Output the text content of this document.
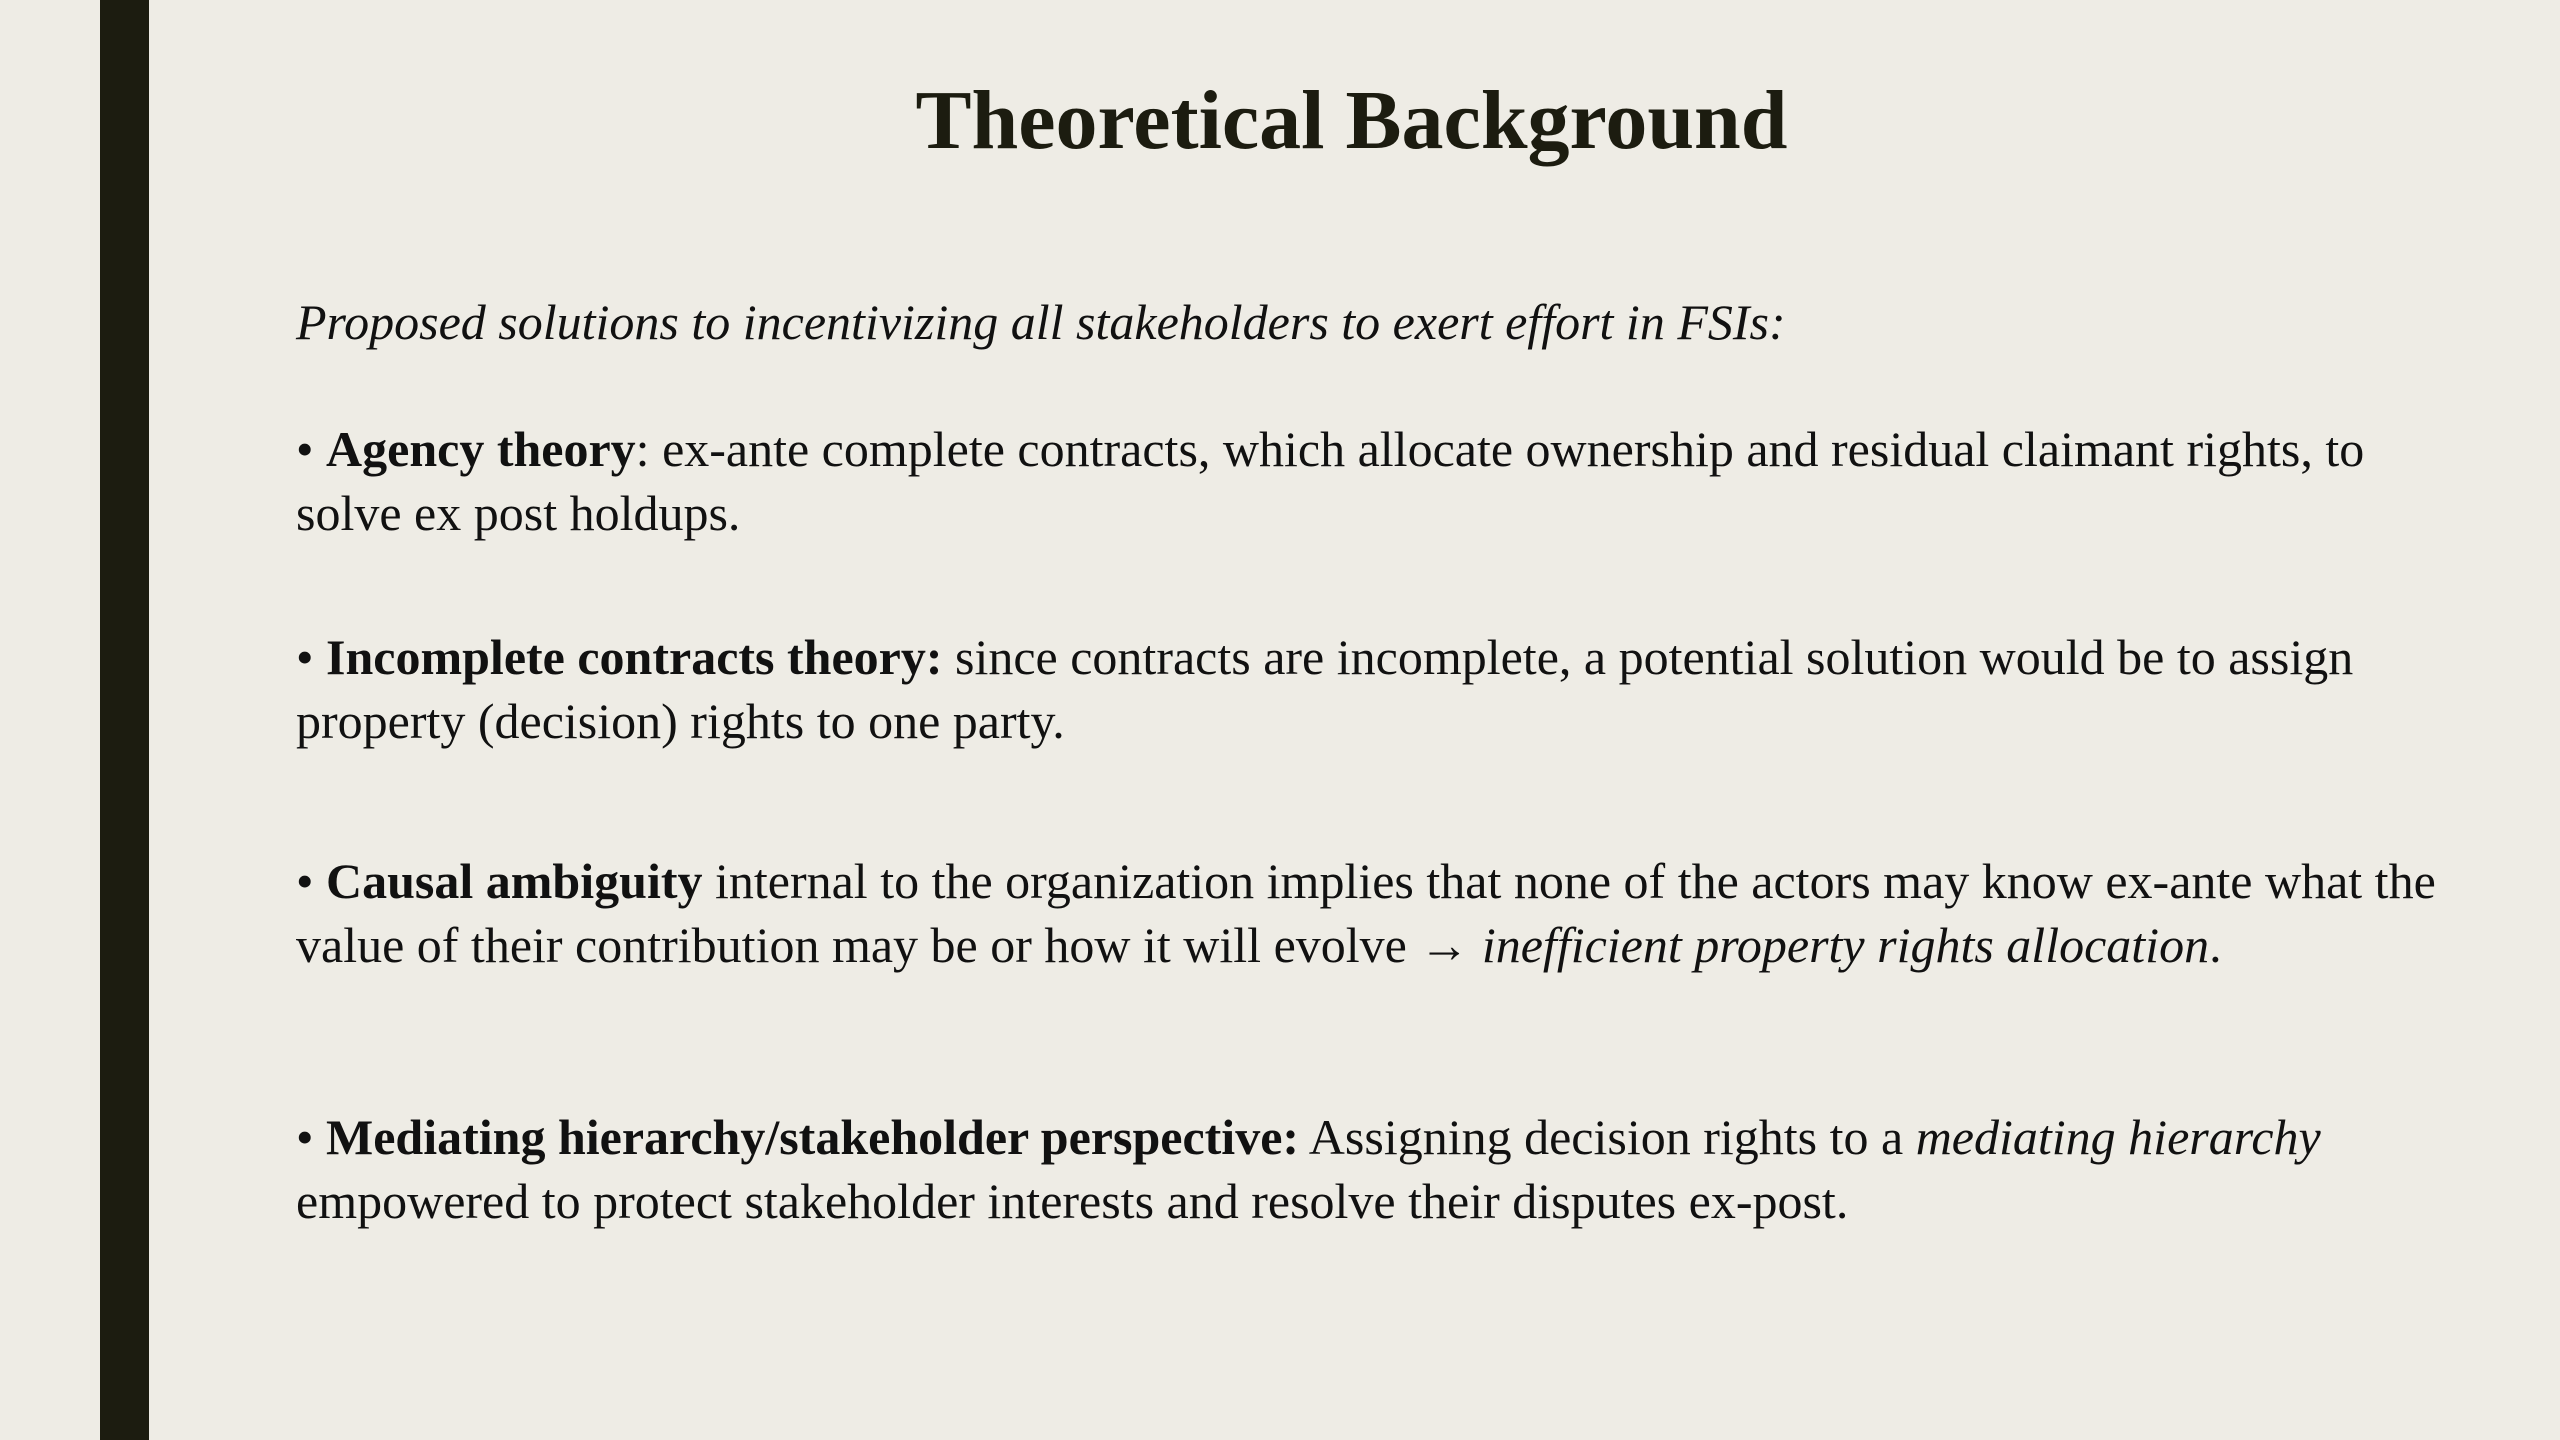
Theoretical Background

Proposed solutions to incentivizing all stakeholders to exert effort in FSIs:

• Agency theory: ex-ante complete contracts, which allocate ownership and residual claimant rights, to solve ex post holdups.

• Incomplete contracts theory: since contracts are incomplete, a potential solution would be to assign property (decision) rights to one party.

• Causal ambiguity internal to the organization implies that none of the actors may know ex-ante what the value of their contribution may be or how it will evolve → inefficient property rights allocation.

• Mediating hierarchy/stakeholder perspective: Assigning decision rights to a mediating hierarchy empowered to protect stakeholder interests and resolve their disputes ex-post.
